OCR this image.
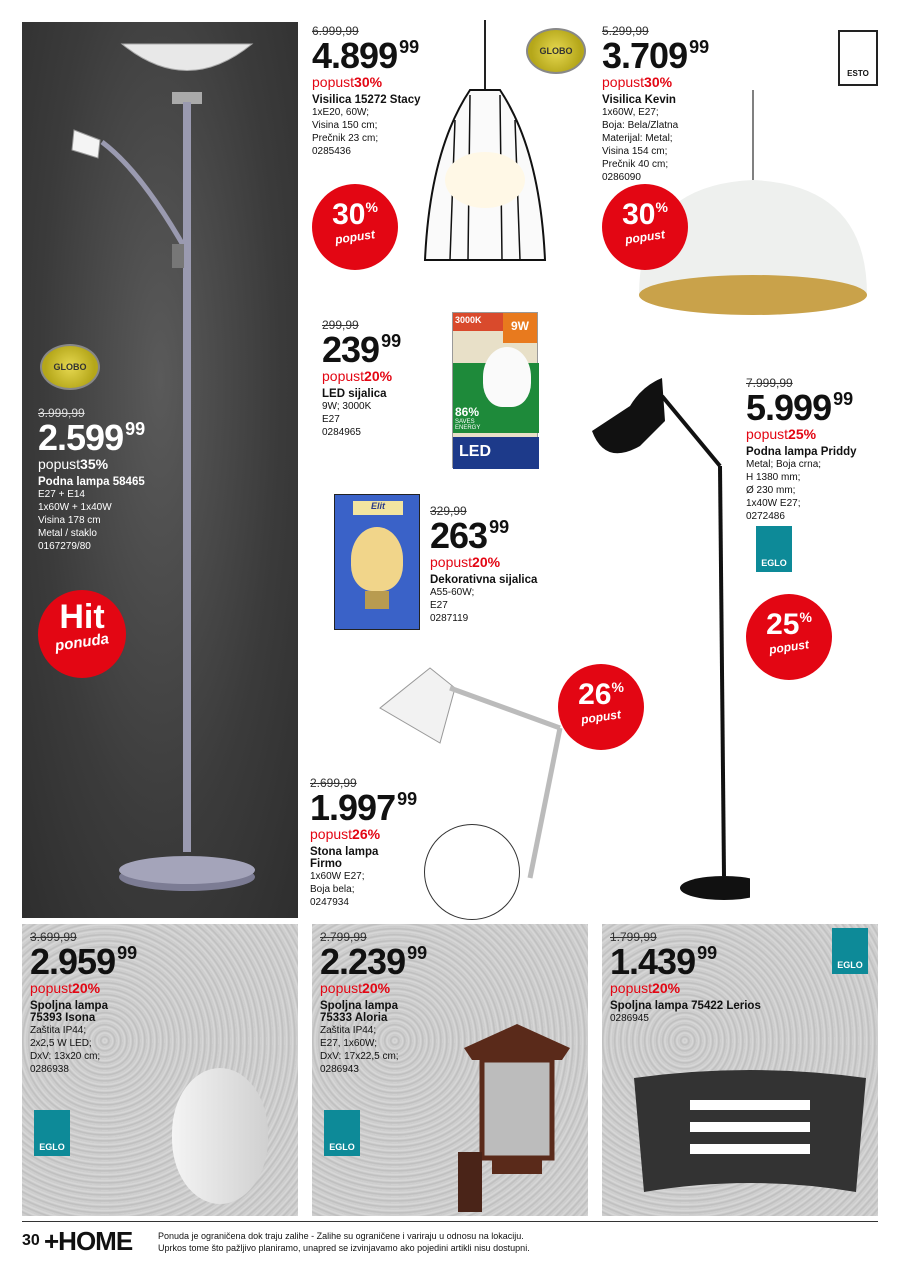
GLOBO
3.999,99
2.599 $^{99}$
popust35%
Podna lampa 58465
E27 + E14
1x60W + 1x40W
Visina 178 cm
Metal / staklo
0167279/80
Hit
ponuda
6.999,99
4.899 $^{99}$
popust30%
Visilica 15272 Stacy
1xE20, 60W;
Visina 150 cm;
Prečnik 23 cm;
0285436
GLOBO
30%
popust
5.299,99
3.709 $^{99}$
popust30%
Visilica Kevin
1x60W, E27;
Boja: Bela/Zlatna
Materijal: Metal;
Visina 154 cm;
Prečnik 40 cm;
0286090
ESTO
30%
popust
299,99
239 $^{99}$
popust20%
LED sijalica
9W; 3000K
E27
0284965
3000K	9W
86%
SAVES ENERGY
LED
7.999,99
5.999 $^{99}$
popust25%
Podna lampa Priddy
Metal; Boja crna;
H 1380 mm;
Ø 230 mm;
1x40W E27;
0272486
EGLO
25%
popust
Elit	329,99
263 $^{99}$
popust20%
Dekorativna sijalica
A55-60W;
E27
0287119
26%
popust
2.699,99
1.997 $^{99}$
popust26%
Stona lampa
Firmo
1x60W E27;
Boja bela;
0247934
3.699,99
2.959 $^{99}$
popust20%
Spoljna lampa
75393 Isona
Zaštita IP44;
2x2,5 W LED;
DxV: 13x20 cm;
0286938
EGLO
2.799,99
2.239 $^{99}$
popust20%
Spoljna lampa
75333 Aloria
Zaštita IP44;
E27, 1x60W;
DxV: 17x22,5 cm;
0286943
EGLO
1.799,99
1.439 $^{99}$
popust20%
Spoljna lampa 75422 Lerios
0286945
EGLO
30 +HOME	Ponuda je ograničena dok traju zalihe - Zalihe su ograničene i variraju u odnosu na lokaciju.
Uprkos tome što pažljivo planiramo, unapred se izvinjavamo ako pojedini artikli nisu dostupni.
